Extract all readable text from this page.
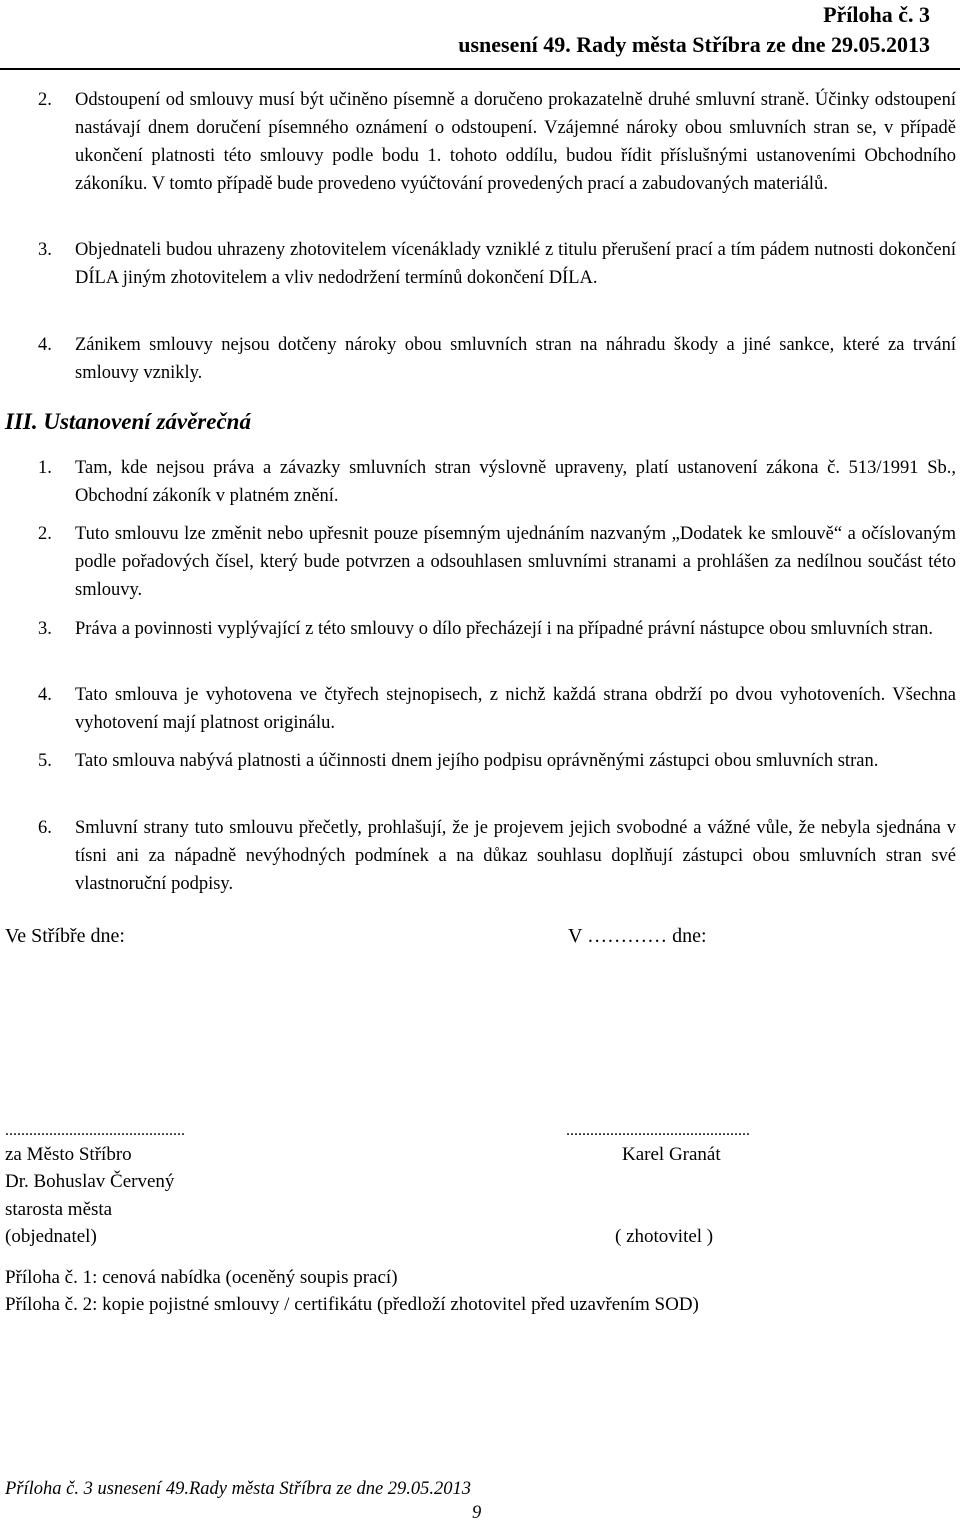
Příloha č. 3
usnesení 49. Rady města Stříbra ze dne 29.05.2013
2. Odstoupení od smlouvy musí být učiněno písemně a doručeno prokazatelně druhé smluvní straně. Účinky odstoupení nastávají dnem doručení písemného oznámení o odstoupení. Vzájemné nároky obou smluvních stran se, v případě ukončení platnosti této smlouvy podle bodu 1. tohoto oddílu, budou řídit příslušnými ustanoveními Obchodního zákoníku. V tomto případě bude provedeno vyúčtování provedených prací a zabudovaných materiálů.
3. Objednateli budou uhrazeny zhotovitelem vícenáklady vzniklé z titulu přerušení prací a tím pádem nutnosti dokončení DÍLA jiným zhotovitelem a vliv nedodržení termínů dokončení DÍLA.
4. Zánikem smlouvy nejsou dotčeny nároky obou smluvních stran na náhradu škody a jiné sankce, které za trvání smlouvy vznikly.
III. Ustanovení závěrečná
1. Tam, kde nejsou práva a závazky smluvních stran výslovně upraveny, platí ustanovení zákona č. 513/1991 Sb., Obchodní zákoník v platném znění.
2. Tuto smlouvu lze změnit nebo upřesnit pouze písemným ujednáním nazvaným „Dodatek ke smlouvě“ a očíslovaným podle pořadových čísel, který bude potvrzen a odsouhlasen smluvními stranami a prohlášen za nedílnou součást této smlouvy.
3. Práva a povinnosti vyplývající z této smlouvy o dílo přecházejí i na případné právní nástupce obou smluvních stran.
4. Tato smlouva je vyhotovena ve čtyřech stejnopisech, z nichž každá strana obdrží po dvou vyhotoveních. Všechna vyhotovení mají platnost originálu.
5. Tato smlouva nabývá platnosti a účinnosti dnem jejího podpisu oprávněnými zástupci obou smluvních stran.
6. Smluvní strany tuto smlouvu přečetly, prohlašují, že je projevem jejich svobodné a vážné vůle, že nebyla sjednána v tísni ani za nápadně nevýhodných podmínek a na důkaz souhlasu doplňují zástupci obou smluvních stran své vlastnoruční podpisy.
Ve Stříbře dne:	V ………… dne:
.............................................	..............................................
za Město Stříbro
Dr. Bohuslav Červený
starosta města
(objednatel)
Karel Granát
( zhotovitel )
Příloha č. 1: cenová nabídka (oceněný soupis prací)
Příloha č. 2: kopie pojistné smlouvy / certifikátu (předloží zhotovitel před uzavřením SOD)
Příloha č. 3 usnesení 49.Rady města Stříbra ze dne 29.05.2013
9
